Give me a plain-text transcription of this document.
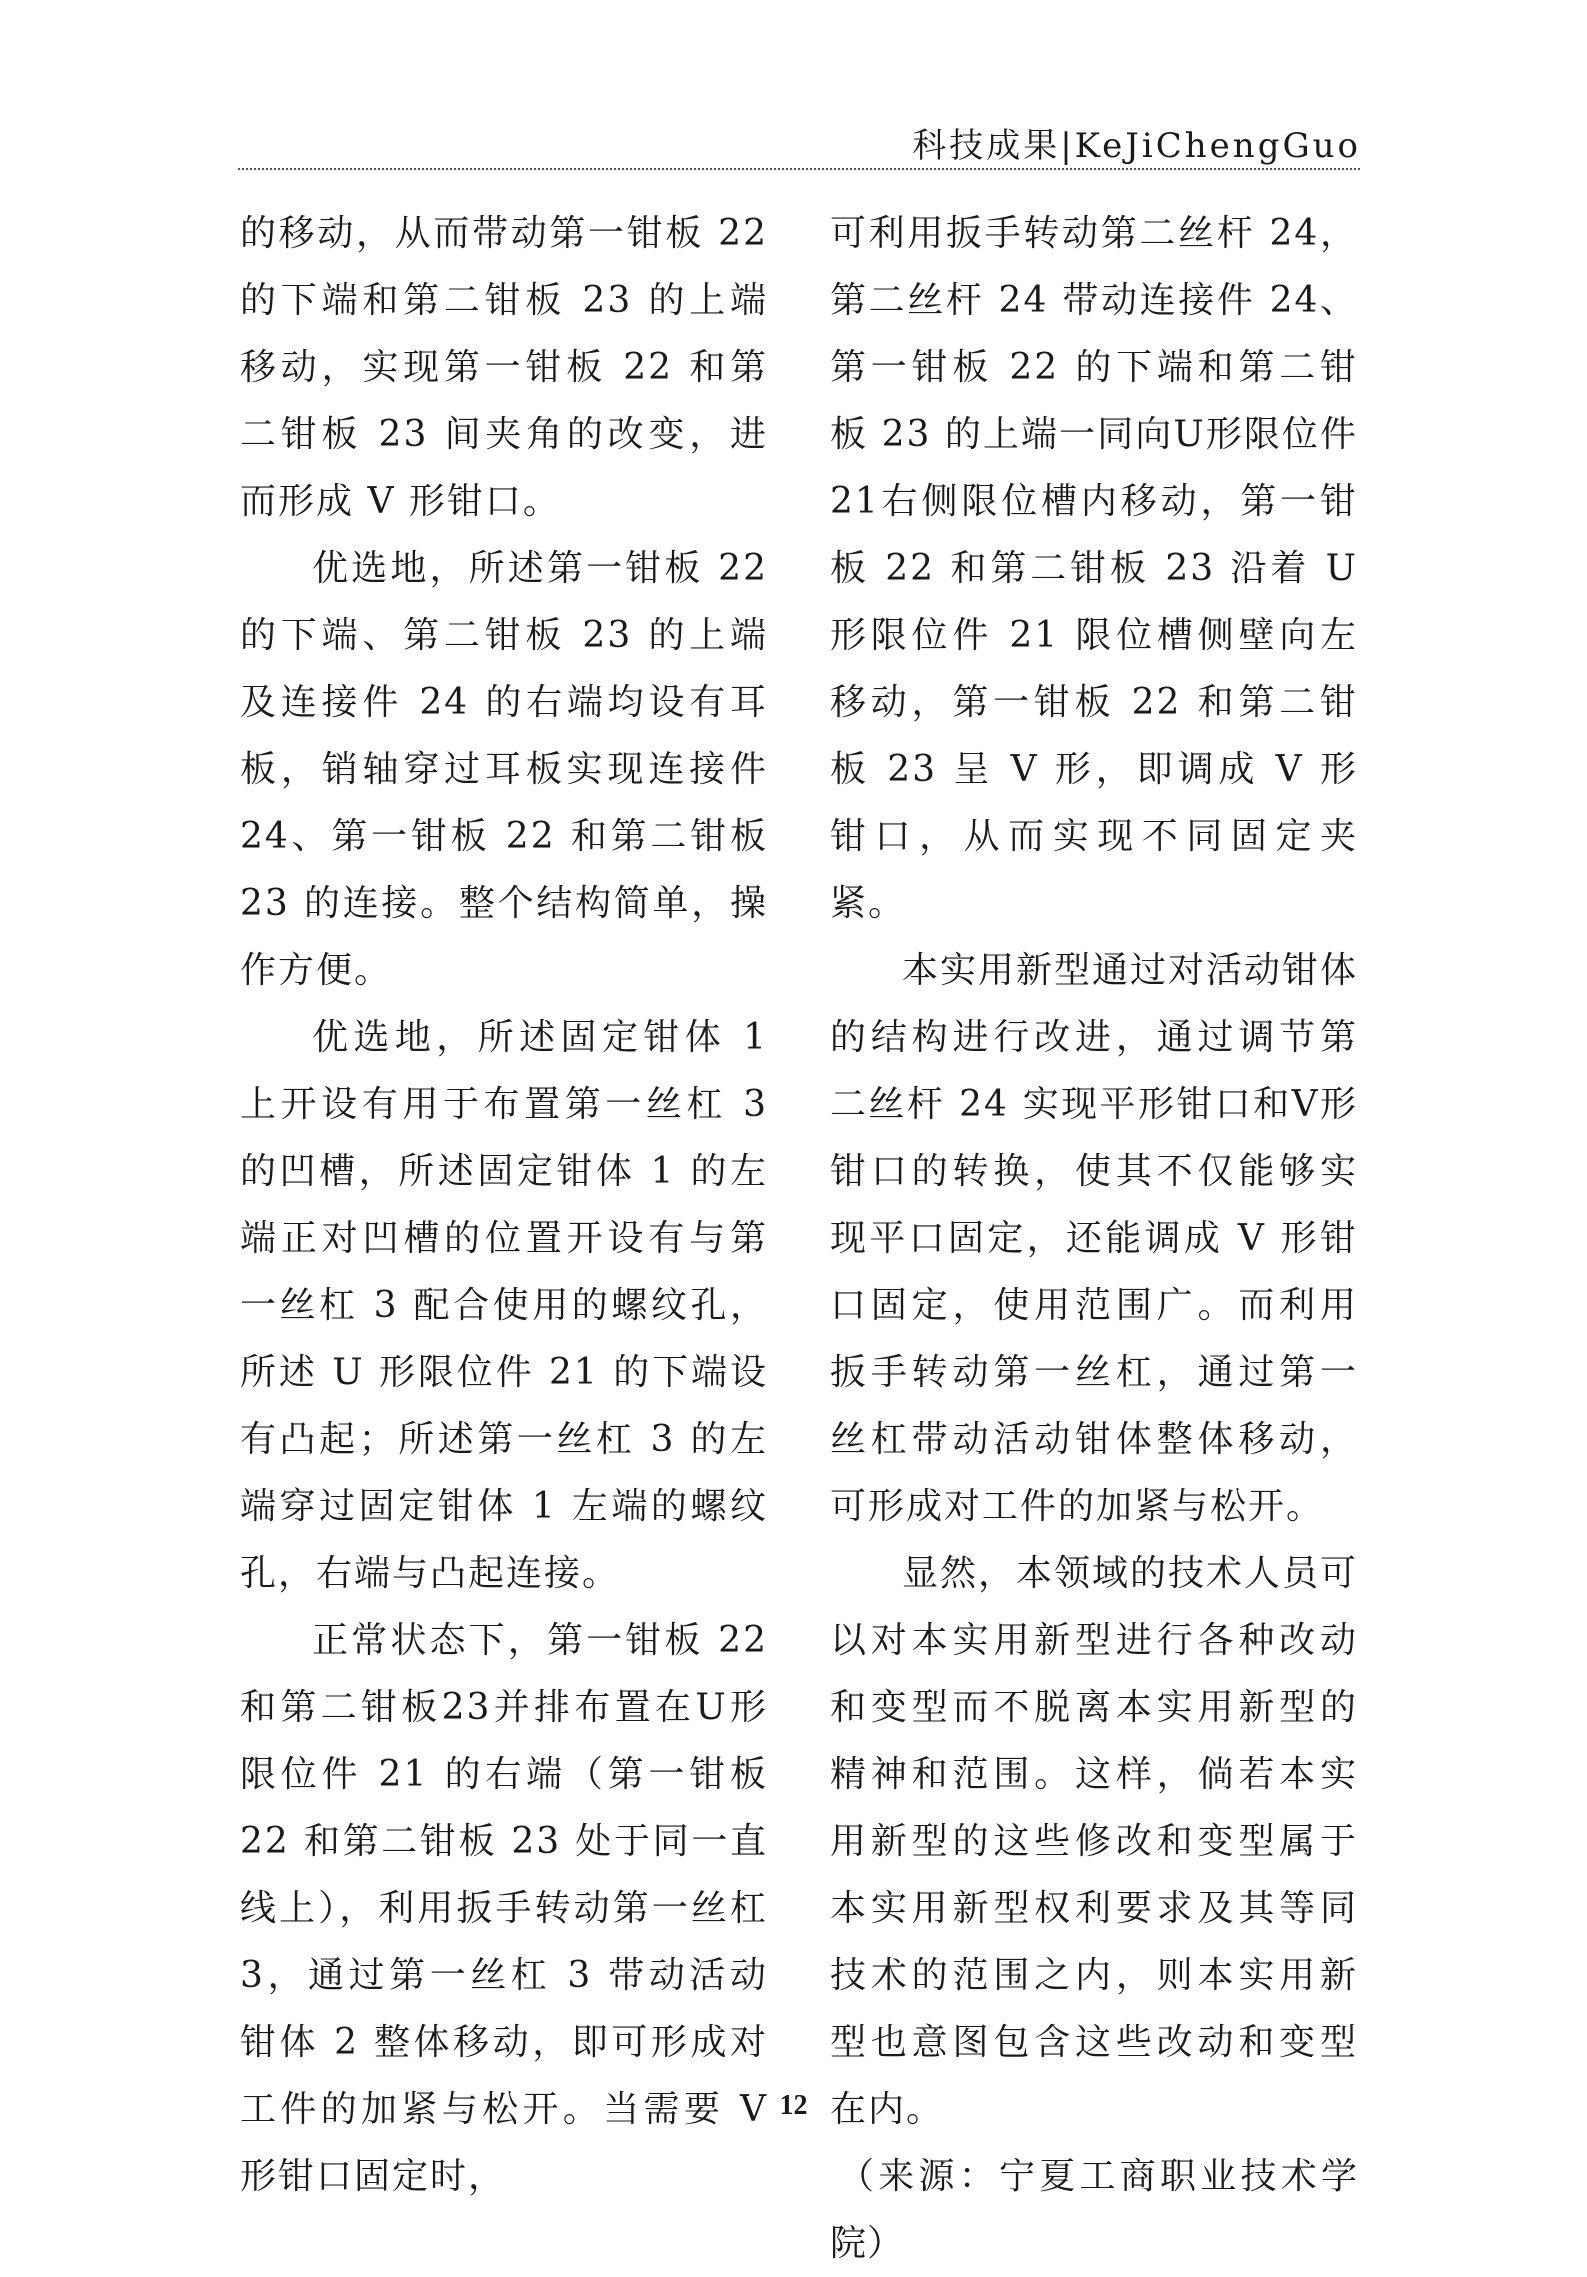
科技成果|KeJiChengGuo

的移动，从而带动第一钳板 22 的下端和第二钳板 23 的上端移动，实现第一钳板 22 和第二钳板 23 间夹角的改变，进而形成 V 形钳口。

优选地，所述第一钳板 22 的下端、第二钳板 23 的上端及连接件 24 的右端均设有耳板，销轴穿过耳板实现连接件 24、第一钳板 22 和第二钳板 23 的连接。整个结构简单，操作方便。

优选地，所述固定钳体 1 上开设有用于布置第一丝杠 3 的凹槽，所述固定钳体 1 的左端正对凹槽的位置开设有与第一丝杠 3 配合使用的螺纹孔，所述 U 形限位件 21 的下端设有凸起；所述第一丝杠 3 的左端穿过固定钳体 1 左端的螺纹孔，右端与凸起连接。

正常状态下，第一钳板 22 和第二钳板23并排布置在U形限位件 21 的右端（第一钳板 22 和第二钳板 23 处于同一直线上），利用扳手转动第一丝杠 3，通过第一丝杠 3 带动活动钳体 2 整体移动，即可形成对工件的加紧与松开。当需要 V 形钳口固定时，

可利用扳手转动第二丝杆 24，第二丝杆 24 带动连接件 24、第一钳板 22 的下端和第二钳板 23 的上端一同向U形限位件21右侧限位槽内移动，第一钳板 22 和第二钳板 23 沿着 U 形限位件 21 限位槽侧壁向左移动，第一钳板 22 和第二钳板 23 呈 V 形，即调成 V 形钳口，从而实现不同固定夹紧。

本实用新型通过对活动钳体的结构进行改进，通过调节第二丝杆 24 实现平形钳口和V形钳口的转换，使其不仅能够实现平口固定，还能调成 V 形钳口固定，使用范围广。而利用扳手转动第一丝杠，通过第一丝杠带动活动钳体整体移动，可形成对工件的加紧与松开。

显然，本领域的技术人员可以对本实用新型进行各种改动和变型而不脱离本实用新型的精神和范围。这样，倘若本实用新型的这些修改和变型属于本实用新型权利要求及其等同技术的范围之内，则本实用新型也意图包含这些改动和变型在内。

（来源：宁夏工商职业技术学院）

12
